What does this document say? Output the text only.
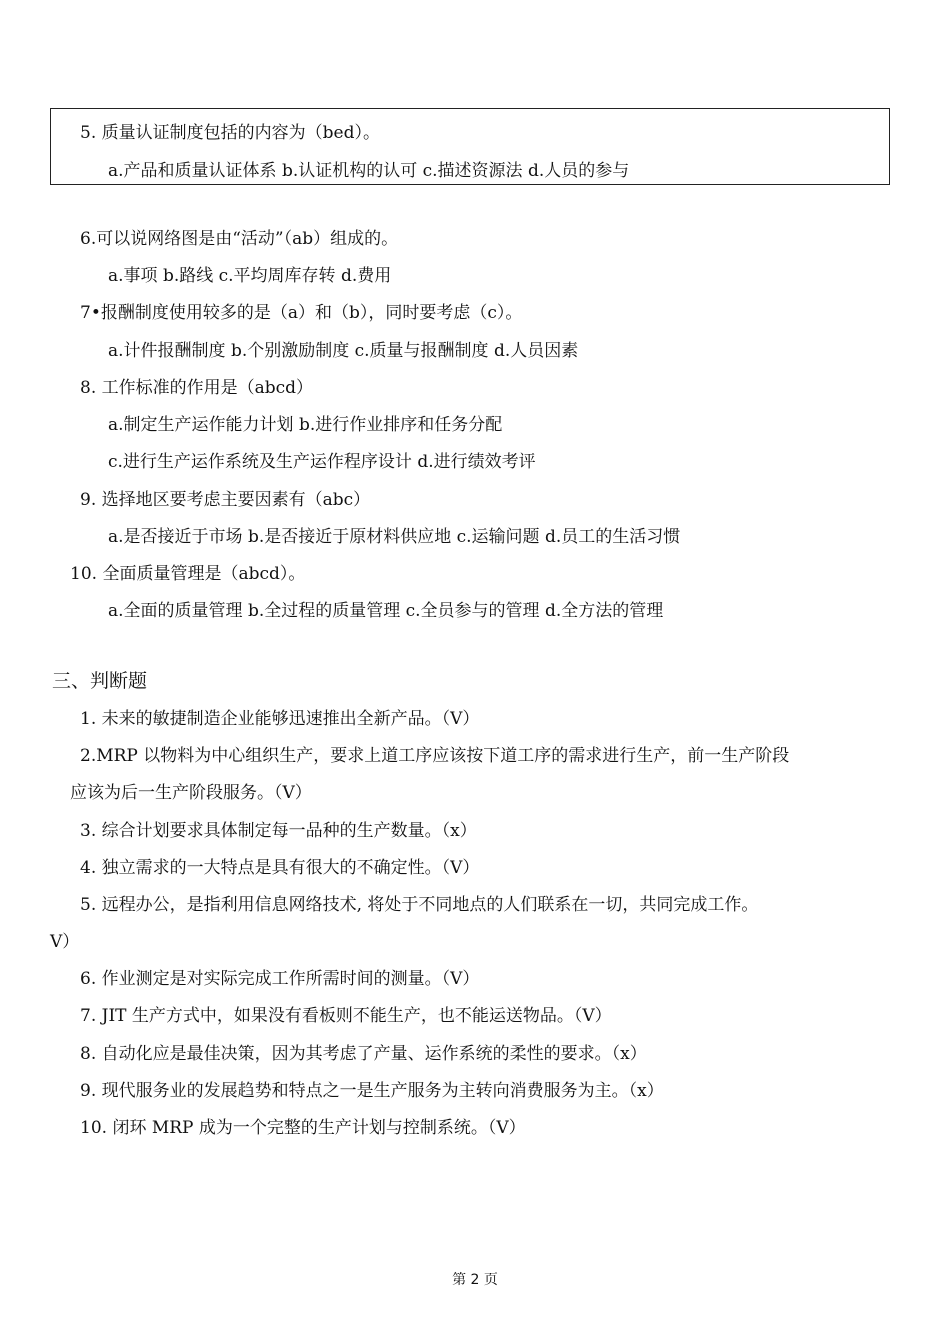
5. 质量认证制度包括的内容为（bed）。
a.产品和质量认证体系 b.认证机构的认可 c.描述资源法 d.人员的参与
6.可以说网络图是由“活动”（ab）组成的。
a.事项 b.路线 c.平均周库存转 d.费用
7•报酬制度使用较多的是（a）和（b），同时要考虑（c）。
a.计件报酬制度 b.个别激励制度 c.质量与报酬制度 d.人员因素
8. 工作标准的作用是（abcd）
a.制定生产运作能力计划 b.进行作业排序和任务分配
c.进行生产运作系统及生产运作程序设计 d.进行绩效考评
9. 选择地区要考虑主要因素有（abc）
a.是否接近于市场 b.是否接近于原材料供应地 c.运输问题 d.员工的生活习惯
10. 全面质量管理是（abcd）。
a.全面的质量管理 b.全过程的质量管理 c.全员参与的管理 d.全方法的管理
三、判断题
1. 未来的敏捷制造企业能够迅速推出全新产品。（V）
2.MRP 以物料为中心组织生产，要求上道工序应该按下道工序的需求进行生产，前一生产阶段
应该为后一生产阶段服务。（V）
3. 综合计划要求具体制定每一品种的生产数量。（x）
4. 独立需求的一大特点是具有很大的不确定性。（V）
5. 远程办公，是指利用信息网络技术, 将处于不同地点的人们联系在一切，共同完成工作。
V）
6. 作业测定是对实际完成工作所需时间的测量。（V）
7. JIT 生产方式中，如果没有看板则不能生产，也不能运送物品。（V）
8. 自动化应是最佳决策，因为其考虑了产量、运作系统的柔性的要求。（x）
9. 现代服务业的发展趋势和特点之一是生产服务为主转向消费服务为主。（x）
10. 闭环 MRP 成为一个完整的生产计划与控制系统。（V）
第 2 页
